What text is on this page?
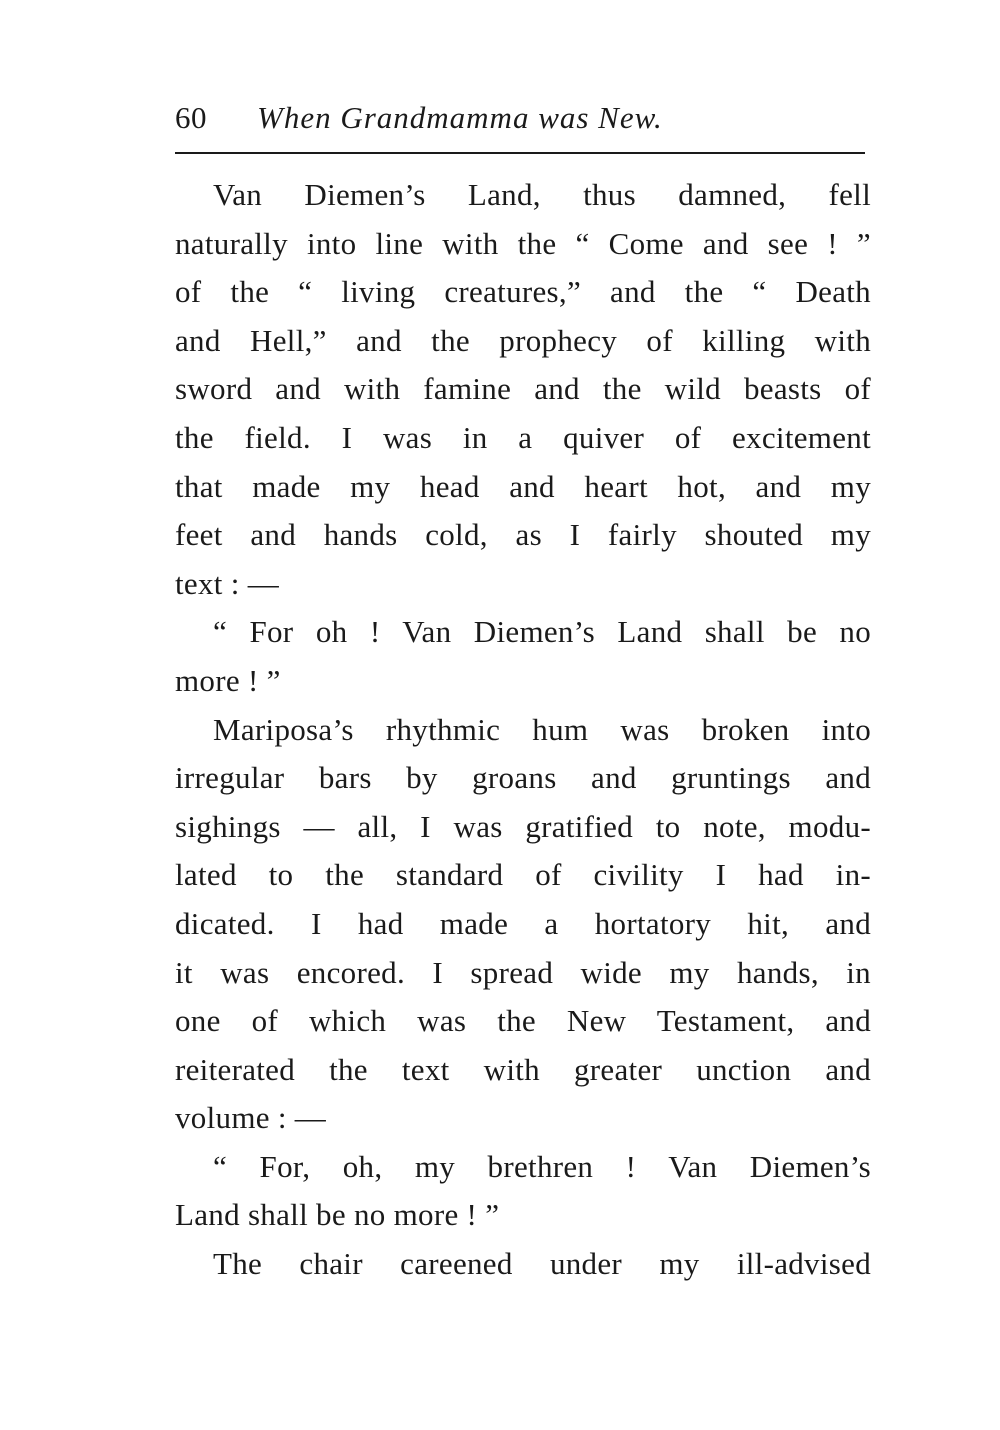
60 When Grandmamma was New.
Van Diemen’s Land, thus damned, fell
naturally into line with the “ Come and see ! ”
of the “ living creatures,” and the “ Death
and Hell,” and the prophecy of killing with
sword and with famine and the wild beasts of
the field. I was in a quiver of excitement
that made my head and heart hot, and my
feet and hands cold, as I fairly shouted my
text : —
“ For oh ! Van Diemen’s Land shall be no
more ! ”
Mariposa’s rhythmic hum was broken into
irregular bars by groans and gruntings and
sighings — all, I was gratified to note, modu-
lated to the standard of civility I had in-
dicated. I had made a hortatory hit, and
it was encored. I spread wide my hands, in
one of which was the New Testament, and
reiterated the text with greater unction and
volume : —
“ For, oh, my brethren ! Van Diemen’s
Land shall be no more ! ”
The chair careened under my ill-advised
